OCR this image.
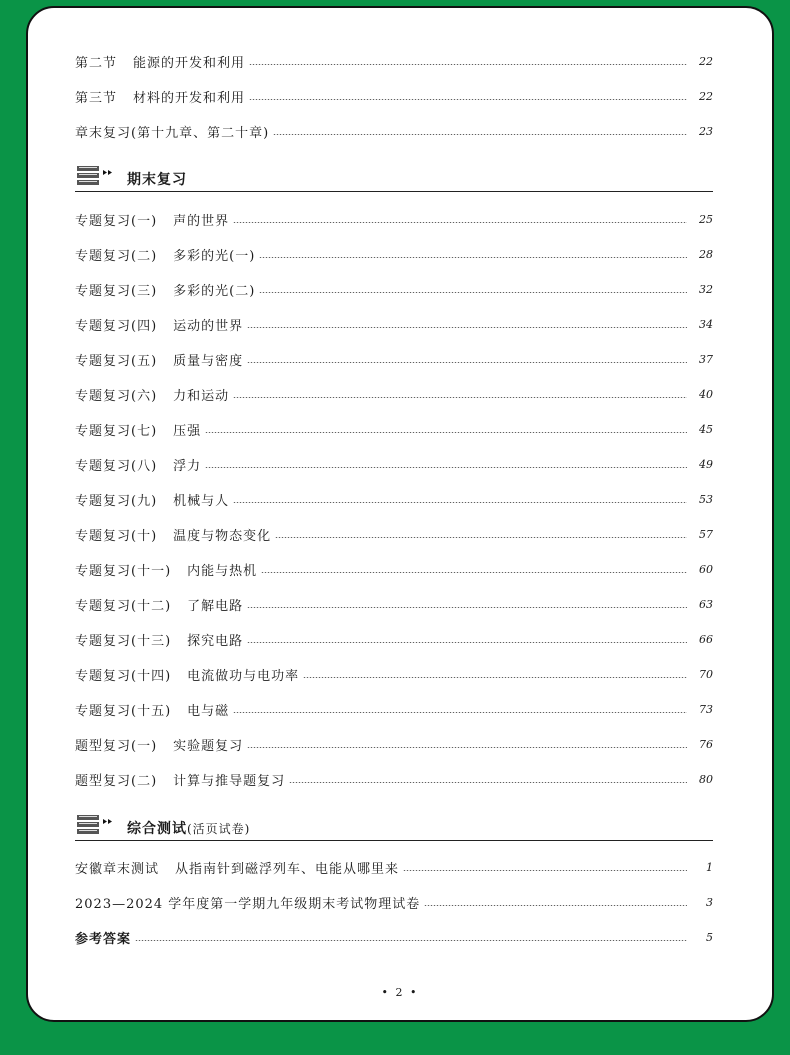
第二节 能源的开发和利用	22
第三节 材料的开发和利用	22
章末复习(第十九章、第二十章)	23
期末复习
专题复习(一) 声的世界	25
专题复习(二) 多彩的光(一)	28
专题复习(三) 多彩的光(二)	32
专题复习(四) 运动的世界	34
专题复习(五) 质量与密度	37
专题复习(六) 力和运动	40
专题复习(七) 压强	45
专题复习(八) 浮力	49
专题复习(九) 机械与人	53
专题复习(十) 温度与物态变化	57
专题复习(十一) 内能与热机	60
专题复习(十二) 了解电路	63
专题复习(十三) 探究电路	66
专题复习(十四) 电流做功与电功率	70
专题复习(十五) 电与磁	73
题型复习(一) 实验题复习	76
题型复习(二) 计算与推导题复习	80
综合测试(活页试卷)
安徽章末测试 从指南针到磁浮列车、电能从哪里来	1
2023—2024 学年度第一学期九年级期末考试物理试卷	3
参考答案	5
• 2 •
